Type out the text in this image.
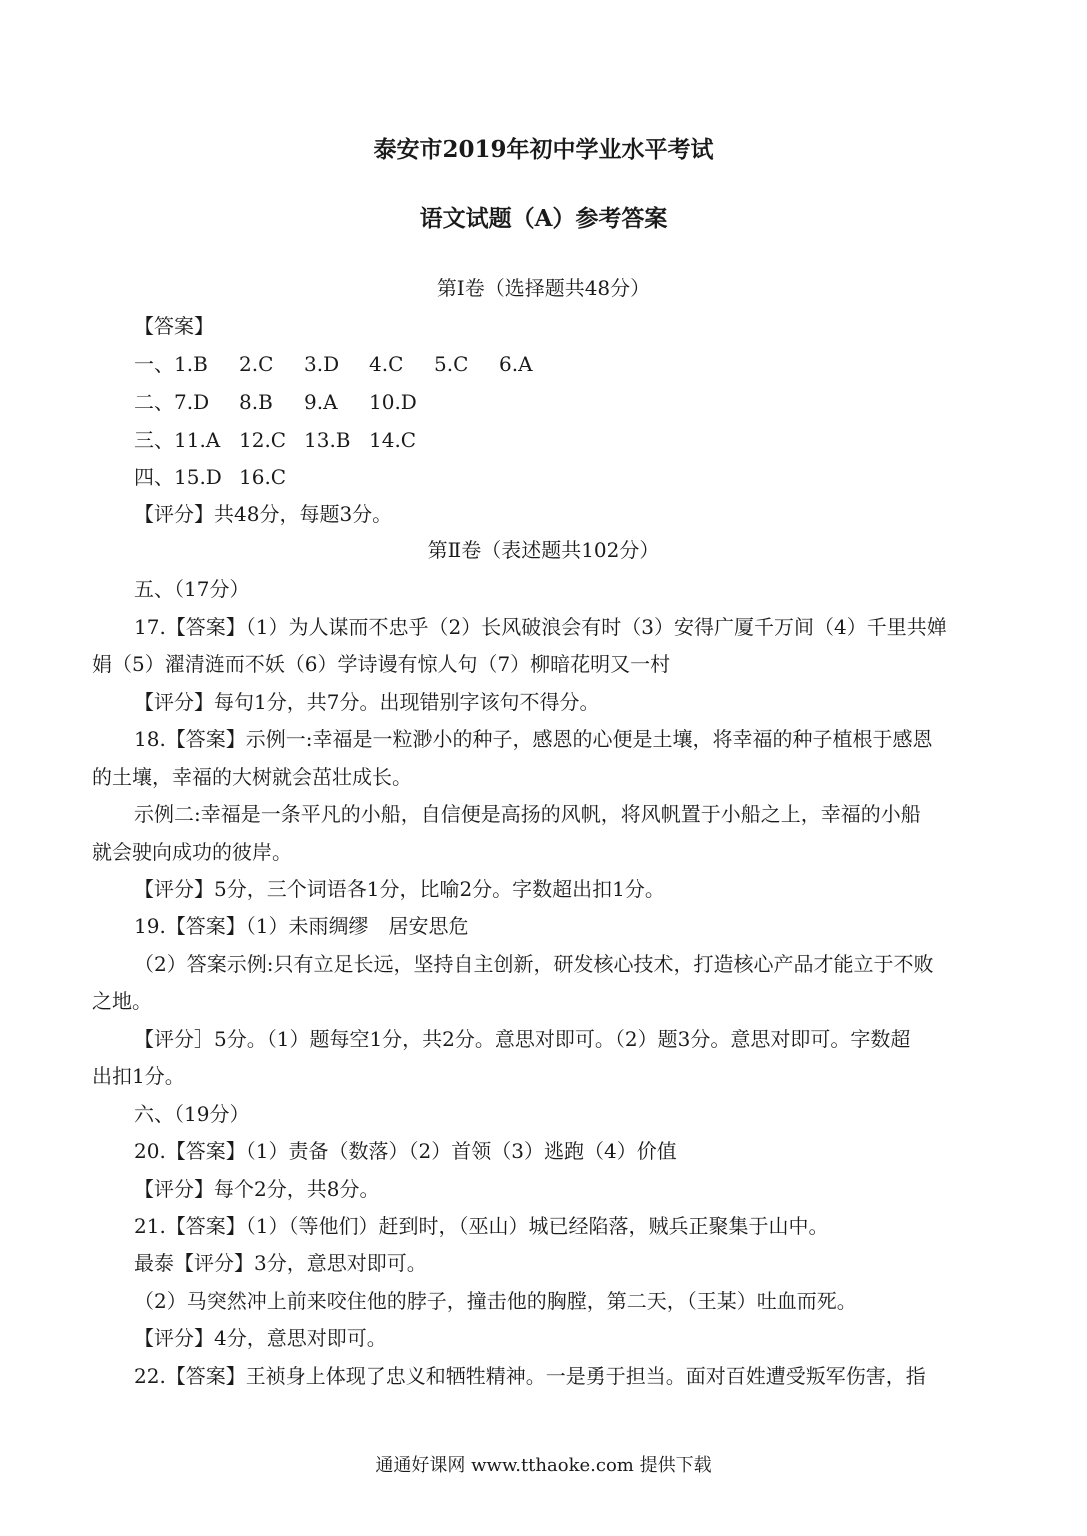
泰安市2019年初中学业水平考试
语文试题（A）参考答案
第Ⅰ卷（选择题共48分）
【答案】
一、1.B 2.C 3.D 4.C 5.C 6.A
二、7.D 8.B 9.A 10.D
三、11.A 12.C 13.B 14.C
四、15.D 16.C
【评分】共48分，每题3分。
第Ⅱ卷（表述题共102分）
五、（17分）
17.【答案】（1）为人谋而不忠乎（2）长风破浪会有时（3）安得广厦千万间（4）千里共婵
娟（5）濯清涟而不妖（6）学诗谩有惊人句（7）柳暗花明又一村
【评分】每句1分，共7分。出现错别字该句不得分。
18.【答案】示例一:幸福是一粒渺小的种子，感恩的心便是土壤，将幸福的种子植根于感恩
的土壤，幸福的大树就会茁壮成长。
示例二:幸福是一条平凡的小船，自信便是高扬的风帆，将风帆置于小船之上，幸福的小船
就会驶向成功的彼岸。
【评分】5分，三个词语各1分，比喻2分。字数超出扣1分。
19.【答案】（1）未雨绸缪　居安思危
（2）答案示例:只有立足长远，坚持自主创新，研发核心技术，打造核心产品才能立于不败
之地。
【评分］5分。（1）题每空1分，共2分。意思对即可。（2）题3分。意思对即可。字数超
出扣1分。
六、（19分）
20.【答案】（1）责备（数落）（2）首领（3）逃跑（4）价值
【评分】每个2分，共8分。
21.【答案】（1）（等他们）赶到时，（巫山）城已经陷落，贼兵正聚集于山中。
最泰【评分】3分，意思对即可。
（2）马突然冲上前来咬住他的脖子，撞击他的胸膛，第二天，（王某）吐血而死。
【评分】4分，意思对即可。
22.【答案】王祯身上体现了忠义和牺牲精神。一是勇于担当。面对百姓遭受叛军伤害，指
通通好课网 www.tthaoke.com 提供下载
